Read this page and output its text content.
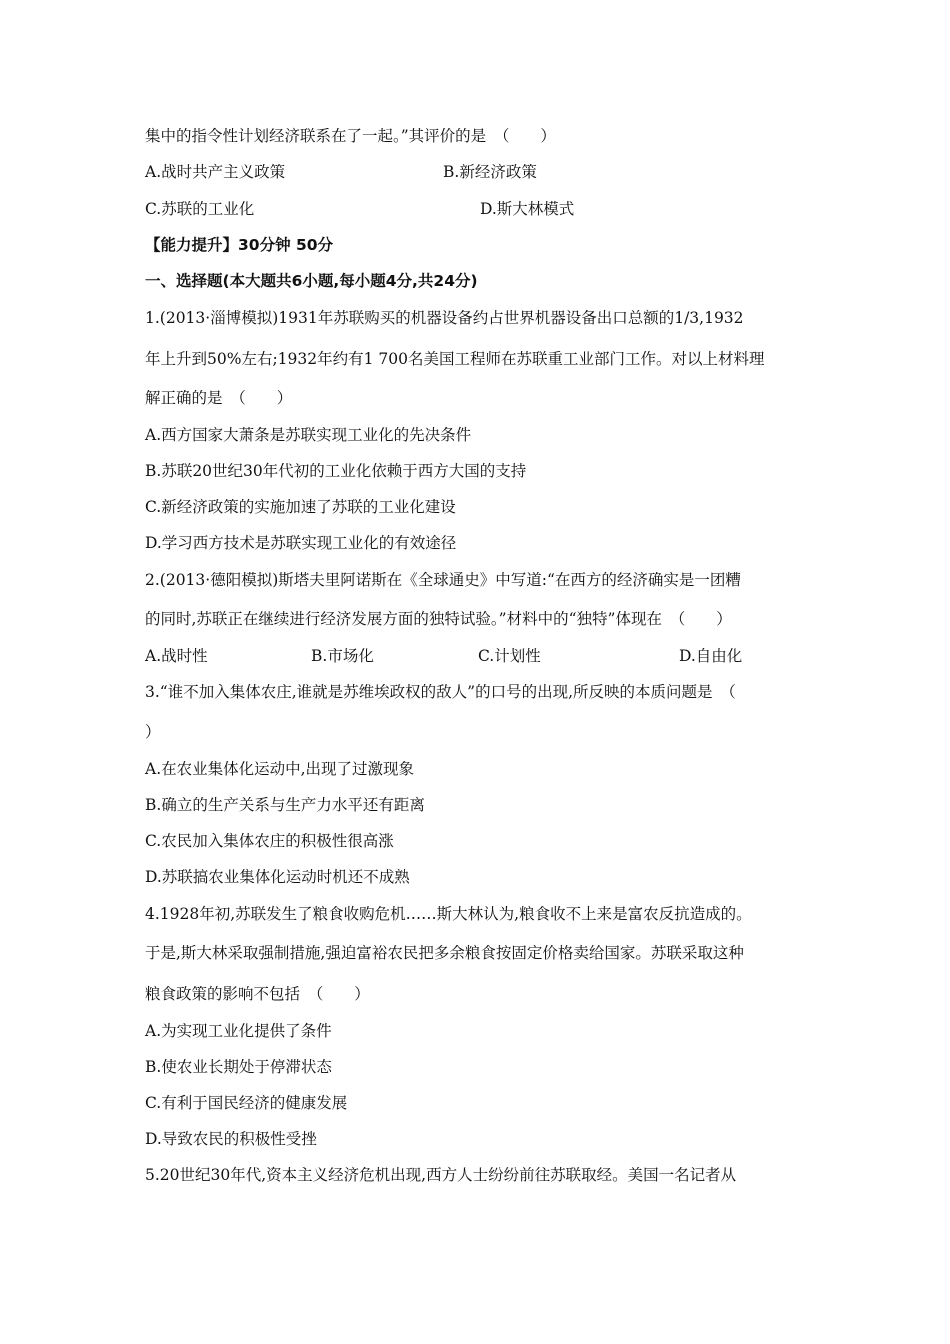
集中的指令性计划经济联系在了一起。”其评价的是　（　　）
A.战时共产主义政策	B.新经济政策
C.苏联的工业化	D.斯大林模式
【能力提升】30分钟 50分
一、选择题(本大题共6小题,每小题4分,共24分)
1.(2013·淄博模拟)1931年苏联购买的机器设备约占世界机器设备出口总额的1/3,1932
年上升到50%左右;1932年约有1 700名美国工程师在苏联重工业部门工作。对以上材料理
解正确的是　（　　）
A.西方国家大萧条是苏联实现工业化的先决条件
B.苏联20世纪30年代初的工业化依赖于西方大国的支持
C.新经济政策的实施加速了苏联的工业化建设
D.学习西方技术是苏联实现工业化的有效途径
2.(2013·德阳模拟)斯塔夫里阿诺斯在《全球通史》中写道:“在西方的经济确实是一团糟
的同时,苏联正在继续进行经济发展方面的独特试验。”材料中的“独特”体现在　（　　）
A.战时性	B.市场化	C.计划性	D.自由化
3.“谁不加入集体农庄,谁就是苏维埃政权的敌人”的口号的出现,所反映的本质问题是　（
）
A.在农业集体化运动中,出现了过激现象
B.确立的生产关系与生产力水平还有距离
C.农民加入集体农庄的积极性很高涨
D.苏联搞农业集体化运动时机还不成熟
4.1928年初,苏联发生了粮食收购危机……斯大林认为,粮食收不上来是富农反抗造成的。
于是,斯大林采取强制措施,强迫富裕农民把多余粮食按固定价格卖给国家。苏联采取这种
粮食政策的影响不包括　（　　）
A.为实现工业化提供了条件
B.使农业长期处于停滞状态
C.有利于国民经济的健康发展
D.导致农民的积极性受挫
5.20世纪30年代,资本主义经济危机出现,西方人士纷纷前往苏联取经。美国一名记者从
